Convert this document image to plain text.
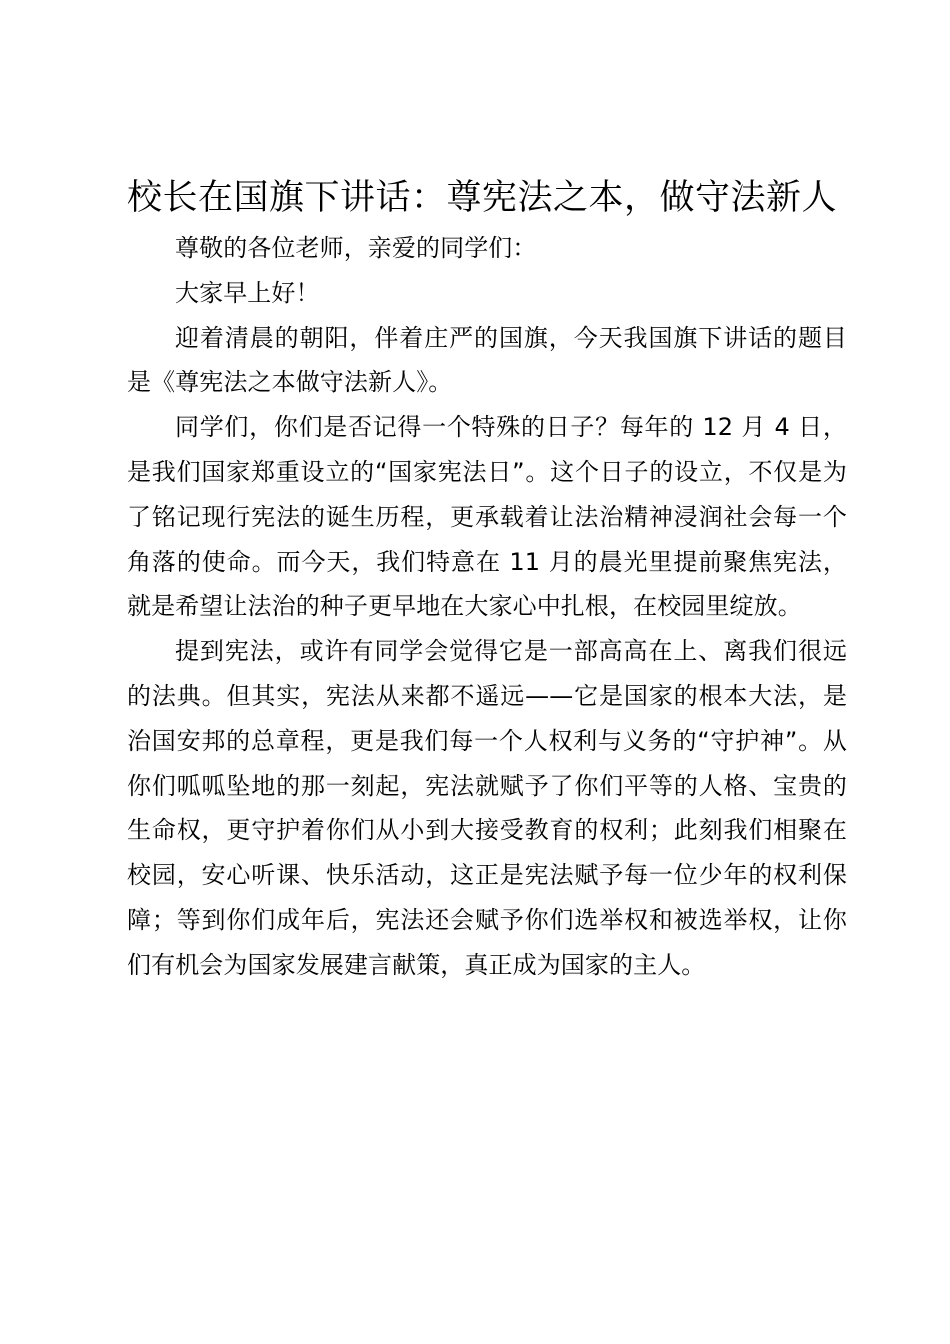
校长在国旗下讲话：尊宪法之本，做守法新人

尊敬的各位老师，亲爱的同学们：

大家早上好！

迎着清晨的朝阳，伴着庄严的国旗，今天我国旗下讲话的题目是《尊宪法之本做守法新人》。

同学们，你们是否记得一个特殊的日子？每年的 12 月 4 日，是我们国家郑重设立的“国家宪法日”。这个日子的设立，不仅是为了铭记现行宪法的诞生历程，更承载着让法治精神浸润社会每一个角落的使命。而今天，我们特意在 11 月的晨光里提前聚焦宪法，就是希望让法治的种子更早地在大家心中扎根，在校园里绽放。

提到宪法，或许有同学会觉得它是一部高高在上、离我们很远的法典。但其实，宪法从来都不遥远——它是国家的根本大法，是治国安邦的总章程，更是我们每一个人权利与义务的“守护神”。从你们呱呱坠地的那一刻起，宪法就赋予了你们平等的人格、宝贵的生命权，更守护着你们从小到大接受教育的权利；此刻我们相聚在校园，安心听课、快乐活动，这正是宪法赋予每一位少年的权利保障；等到你们成年后，宪法还会赋予你们选举权和被选举权，让你们有机会为国家发展建言献策，真正成为国家的主人。
